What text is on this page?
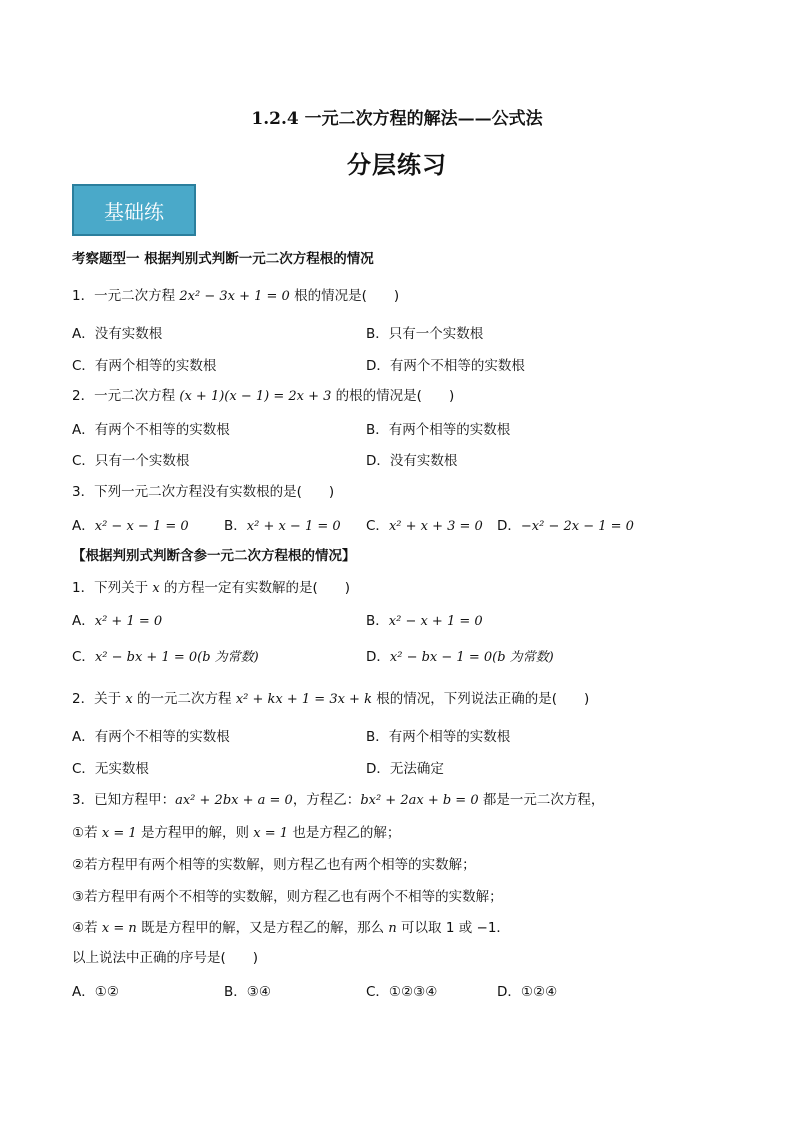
1.2.4 一元二次方程的解法——公式法
分层练习
基础练
考察题型一 根据判别式判断一元二次方程根的情况
1．一元二次方程 2x² − 3x + 1 = 0 根的情况是(　　)
A．没有实数根	B．只有一个实数根
C．有两个相等的实数根	D．有两个不相等的实数根
2．一元二次方程 (x + 1)(x − 1) = 2x + 3 的根的情况是(　　)
A．有两个不相等的实数根	B．有两个相等的实数根
C．只有一个实数根	D．没有实数根
3．下列一元二次方程没有实数根的是(　　)
A．x² − x − 1 = 0	B．x² + x − 1 = 0 C．x² + x + 3 = 0 D．−x² − 2x − 1 = 0
【根据判别式判断含参一元二次方程根的情况】
1．下列关于 x 的方程一定有实数解的是(　　)
A．x² + 1 = 0	B．x² − x + 1 = 0
C．x² − bx + 1 = 0(b 为常数)	D．x² − bx − 1 = 0(b 为常数)
2．关于 x 的一元二次方程 x² + kx + 1 = 3x + k 根的情况，下列说法正确的是(　　)
A．有两个不相等的实数根	B．有两个相等的实数根
C．无实数根	D．无法确定
3．已知方程甲：ax² + 2bx + a = 0，方程乙：bx² + 2ax + b = 0 都是一元二次方程，
①若 x = 1 是方程甲的解，则 x = 1 也是方程乙的解；
②若方程甲有两个相等的实数解，则方程乙也有两个相等的实数解；
③若方程甲有两个不相等的实数解，则方程乙也有两个不相等的实数解；
④若 x = n 既是方程甲的解，又是方程乙的解，那么 n 可以取 1 或 −1．
以上说法中正确的序号是(　　)
A．①②	B．③④	C．①②③④	D．①②④
